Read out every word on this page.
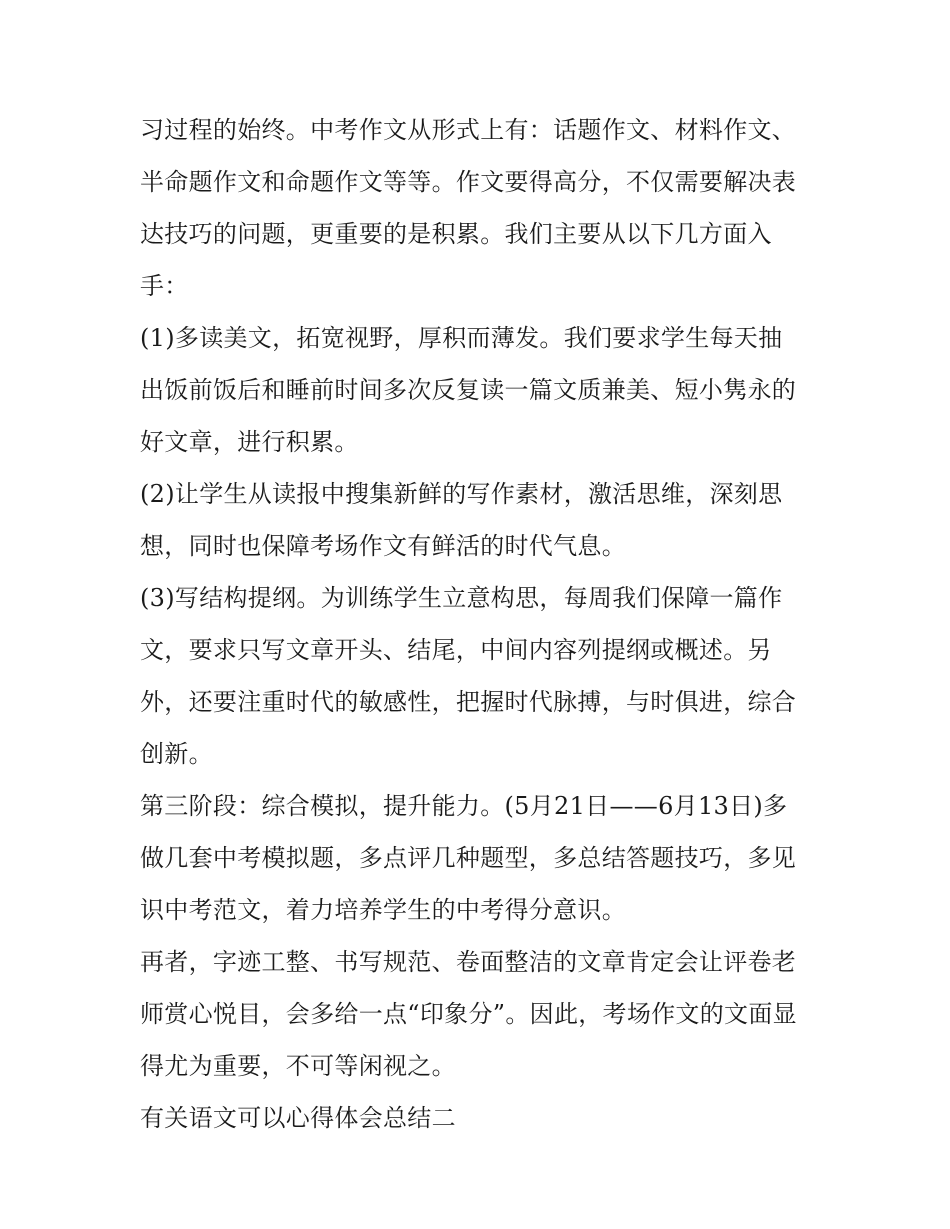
习过程的始终。中考作文从形式上有：话题作文、材料作文、
半命题作文和命题作文等等。作文要得高分，不仅需要解决表
达技巧的问题，更重要的是积累。我们主要从以下几方面入
手：
(1)多读美文，拓宽视野，厚积而薄发。我们要求学生每天抽
出饭前饭后和睡前时间多次反复读一篇文质兼美、短小隽永的
好文章，进行积累。
(2)让学生从读报中搜集新鲜的写作素材，激活思维，深刻思
想，同时也保障考场作文有鲜活的时代气息。
(3)写结构提纲。为训练学生立意构思，每周我们保障一篇作
文，要求只写文章开头、结尾，中间内容列提纲或概述。另
外，还要注重时代的敏感性，把握时代脉搏，与时俱进，综合
创新。
第三阶段：综合模拟，提升能力。(5月21日——6月13日)多
做几套中考模拟题，多点评几种题型，多总结答题技巧，多见
识中考范文，着力培养学生的中考得分意识。
再者，字迹工整、书写规范、卷面整洁的文章肯定会让评卷老
师赏心悦目，会多给一点“印象分”。因此，考场作文的文面显
得尤为重要，不可等闲视之。
有关语文可以心得体会总结二
